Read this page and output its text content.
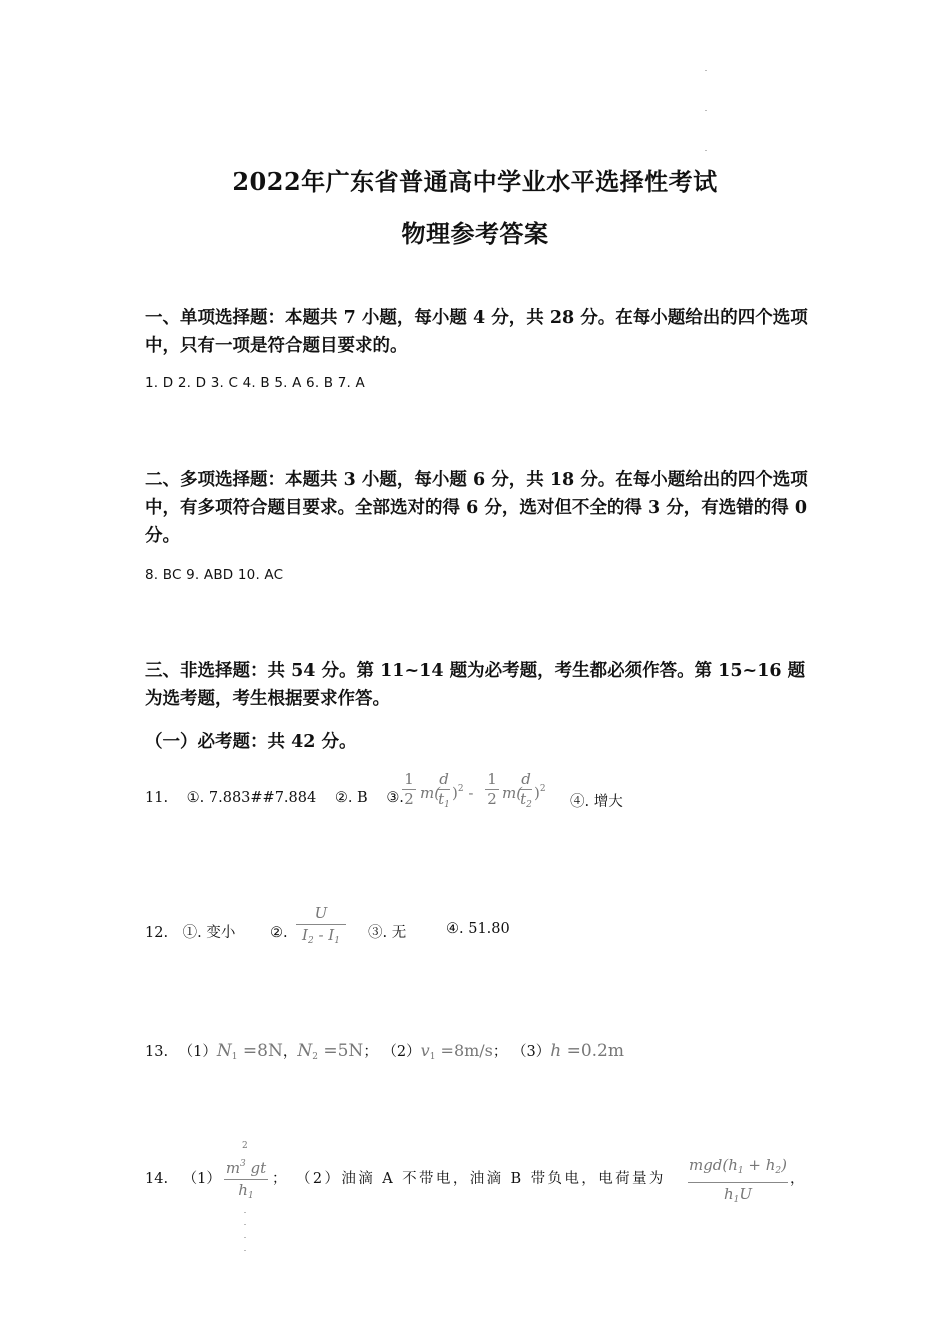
2022年广东省普通高中学业水平选择性考试
物理参考答案
一、单项选择题：本题共 7 小题，每小题 4 分，共 28 分。在每小题给出的四个选项中，只有一项是符合题目要求的。
1. D 2. D 3. C 4. B 5. A 6. B 7. A
二、多项选择题：本题共 3 小题，每小题 6 分，共 18 分。在每小题给出的四个选项中，有多项符合题目要求。全部选对的得 6 分，选对但不全的得 3 分，有选错的得 0 分。
8. BC 9. ABD 10. AC
三、非选择题：共 54 分。第 11~14 题为必考题，考生都必须作答。第 15~16 题为选考题，考生根据要求作答。
（一）必考题：共 42 分。
11. ①. 7.883##7.884 ②. B ③.
1
2 m(
d
$t_1$
)$^2$ -
1
2 m(
d
$t_2$
)$^2$
④. 增大
12. ①. 变小 ②.
U
$I_2 - I_1$	③. 无	④. 51.80
13. $(1)N_1 =8N$，$N_2 =5N$； $(2)v_1 =8m/s$； （3）h =0.2m
14. （1）
2
$m^3$ gt
$h_1$
； （2）油滴 A 不带电，油滴 B 带负电，电荷量为
$mgd(h_1 + h_2)$
$h_1U$
，
